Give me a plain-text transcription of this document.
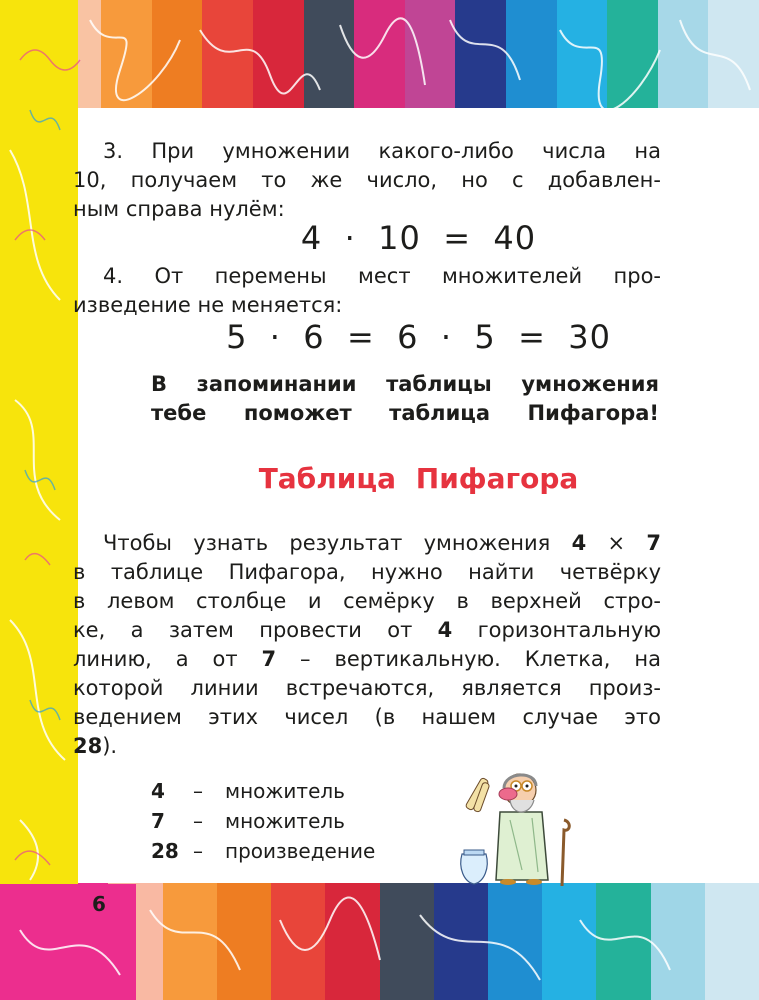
3. При умножении какого-либо числа на
10, получаем то же число, но с добавлен-
ным справа нулём:
4  ·  10  =  40
4. От перемены мест множителей про-
изведение не меняется:
5  ·  6  =  6  ·  5  =  30
В запоминании таблицы умножения
тебе поможет таблица Пифагора!
Таблица Пифагора
Чтобы узнать результат умножения 4 × 7
в таблице Пифагора, нужно найти четвёрку
в левом столбце и семёрку в верхней стро-
ке, а затем провести от 4 горизонтальную
линию, а от 7 – вертикальную. Клетка, на
которой линии встречаются, является произ-
ведением этих чисел (в нашем случае это
28).
4 – множитель
7 – множитель
28 – произведение
6
